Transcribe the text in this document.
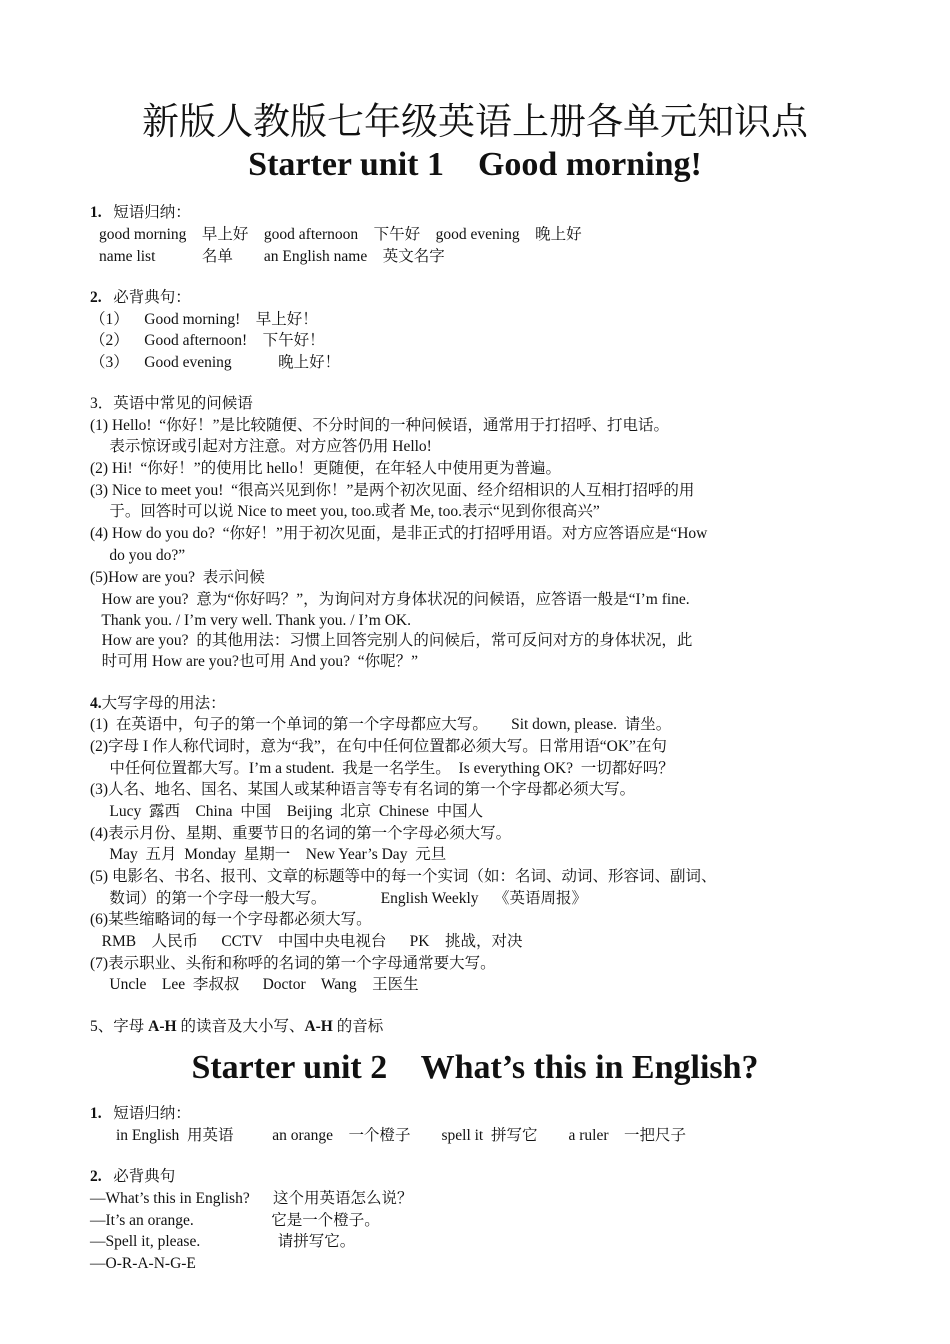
新版人教版七年级英语上册各单元知识点
Starter unit 1    Good morning!
1. 短语归纳：
good morning    早上好    good afternoon    下午好    good evening    晚上好
name list            名单        an English name    英文名字
2. 必背典句：
（1）    Good morning!    早上好！
（2）    Good afternoon!    下午好！
（3）    Good evening            晚上好！
3．英语中常见的问候语
(1) Hello!  “你好！”是比较随便、不分时间的一种问候语，通常用于打招呼、打电话。
表示惊讶或引起对方注意。对方应答仍用 Hello!
(2) Hi!  “你好！”的使用比 hello！更随便，在年轻人中使用更为普遍。
(3) Nice to meet you!  “很高兴见到你！”是两个初次见面、经介绍相识的人互相打招呼的用
于。回答时可以说 Nice to meet you, too.或者 Me, too.表示“见到你很高兴”
(4) How do you do?  “你好！”用于初次见面，是非正式的打招呼用语。对方应答语应是“How
do you do?”
(5)How are you?  表示问候
How are you?  意为“你好吗？”，为询问对方身体状况的问候语，应答语一般是“I’m fine.
Thank you. / I’m very well. Thank you. / I’m OK.
How are you?  的其他用法：习惯上回答完别人的问候后，常可反问对方的身体状况，此
时可用 How are you?也可用 And you?  “你呢？”
4.大写字母的用法：
(1)  在英语中，句子的第一个单词的第一个字母都应大写。      Sit down, please.  请坐。
(2)字母 I 作人称代词时，意为“我”，在句中任何位置都必须大写。日常用语“OK”在句
中任何位置都大写。I’m a student.  我是一名学生。  Is everything OK?  一切都好吗？
(3)人名、地名、国名、某国人或某种语言等专有名词的第一个字母都必须大写。
Lucy  露西    China  中国    Beijing  北京  Chinese  中国人
(4)表示月份、星期、重要节日的名词的第一个字母必须大写。
May  五月  Monday  星期一    New Year’s Day  元旦
(5) 电影名、书名、报刊、文章的标题等中的每一个实词（如：名词、动词、形容词、副词、
数词）的第一个字母一般大写。              English Weekly    《英语周报》
(6)某些缩略词的每一个字母都必须大写。
RMB    人民币      CCTV    中国中央电视台      PK    挑战，对决
(7)表示职业、头衔和称呼的名词的第一个字母通常要大写。
Uncle    Lee  李叔叔      Doctor    Wang    王医生
5、字母 A-H 的读音及大小写、A-H 的音标
Starter unit 2    What’s this in English?
1. 短语归纳：
in English  用英语          an orange    一个橙子        spell it  拼写它        a ruler    一把尺子
2. 必背典句
—What’s this in English?      这个用英语怎么说？
—It’s an orange.                    它是一个橙子。
—Spell it, please.                    请拼写它。
—O-R-A-N-G-E
